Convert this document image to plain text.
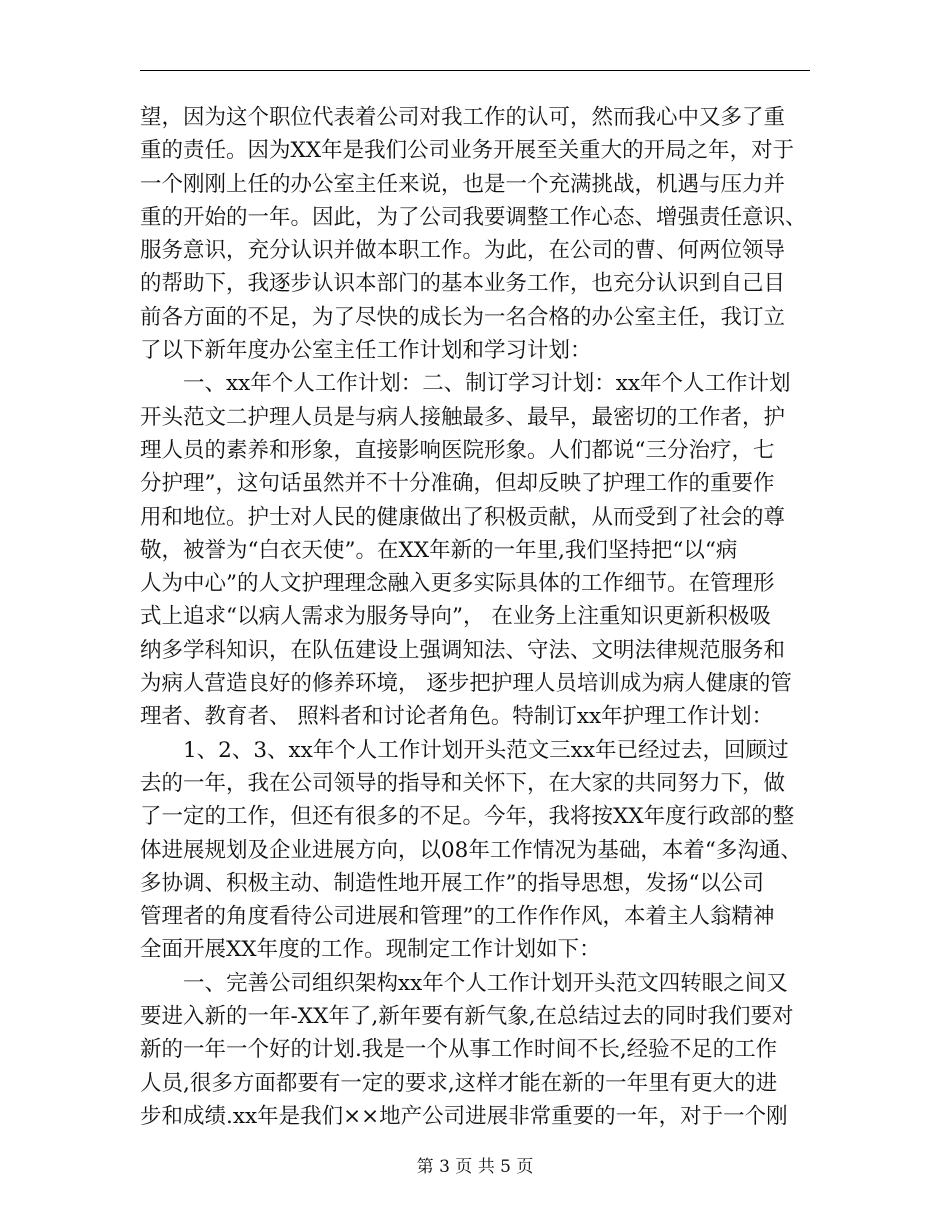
望，因为这个职位代表着公司对我工作的认可，然而我心中又多了重
重的责任。因为XX年是我们公司业务开展至关重大的开局之年，对于
一个刚刚上任的办公室主任来说，也是一个充满挑战，机遇与压力并
重的开始的一年。因此，为了公司我要调整工作心态、增强责任意识、
服务意识，充分认识并做本职工作。为此，在公司的曹、何两位领导
的帮助下，我逐步认识本部门的基本业务工作，也充分认识到自己目
前各方面的不足，为了尽快的成长为一名合格的办公室主任，我订立
了以下新年度办公室主任工作计划和学习计划：
一、xx年个人工作计划：二、制订学习计划：xx年个人工作计划
开头范文二护理人员是与病人接触最多、最早，最密切的工作者，护
理人员的素养和形象，直接影响医院形象。人们都说“三分治疗，七
分护理”，这句话虽然并不十分准确，但却反映了护理工作的重要作
用和地位。护士对人民的健康做出了积极贡献，从而受到了社会的尊
敬，被誉为“白衣天使”。在XX年新的一年里,我们坚持把“以“病
人为中心”的人文护理理念融入更多实际具体的工作细节。在管理形
式上追求“以病人需求为服务导向”， 在业务上注重知识更新积极吸
纳多学科知识，在队伍建设上强调知法、守法、文明法律规范服务和
为病人营造良好的修养环境， 逐步把护理人员培训成为病人健康的管
理者、教育者、 照料者和讨论者角色。特制订xx年护理工作计划：
1、2、3、xx年个人工作计划开头范文三xx年已经过去，回顾过
去的一年，我在公司领导的指导和关怀下，在大家的共同努力下，做
了一定的工作，但还有很多的不足。今年，我将按XX年度行政部的整
体进展规划及企业进展方向，以08年工作情况为基础，本着“多沟通、
多协调、积极主动、制造性地开展工作”的指导思想，发扬“以公司
管理者的角度看待公司进展和管理”的工作作作风，本着主人翁精神
全面开展XX年度的工作。现制定工作计划如下：
一、完善公司组织架构xx年个人工作计划开头范文四转眼之间又
要进入新的一年-XX年了,新年要有新气象,在总结过去的同时我们要对
新的一年一个好的计划.我是一个从事工作时间不长,经验不足的工作
人员,很多方面都要有一定的要求,这样才能在新的一年里有更大的进
步和成绩.xx年是我们××地产公司进展非常重要的一年，对于一个刚
第 3 页 共 5 页
